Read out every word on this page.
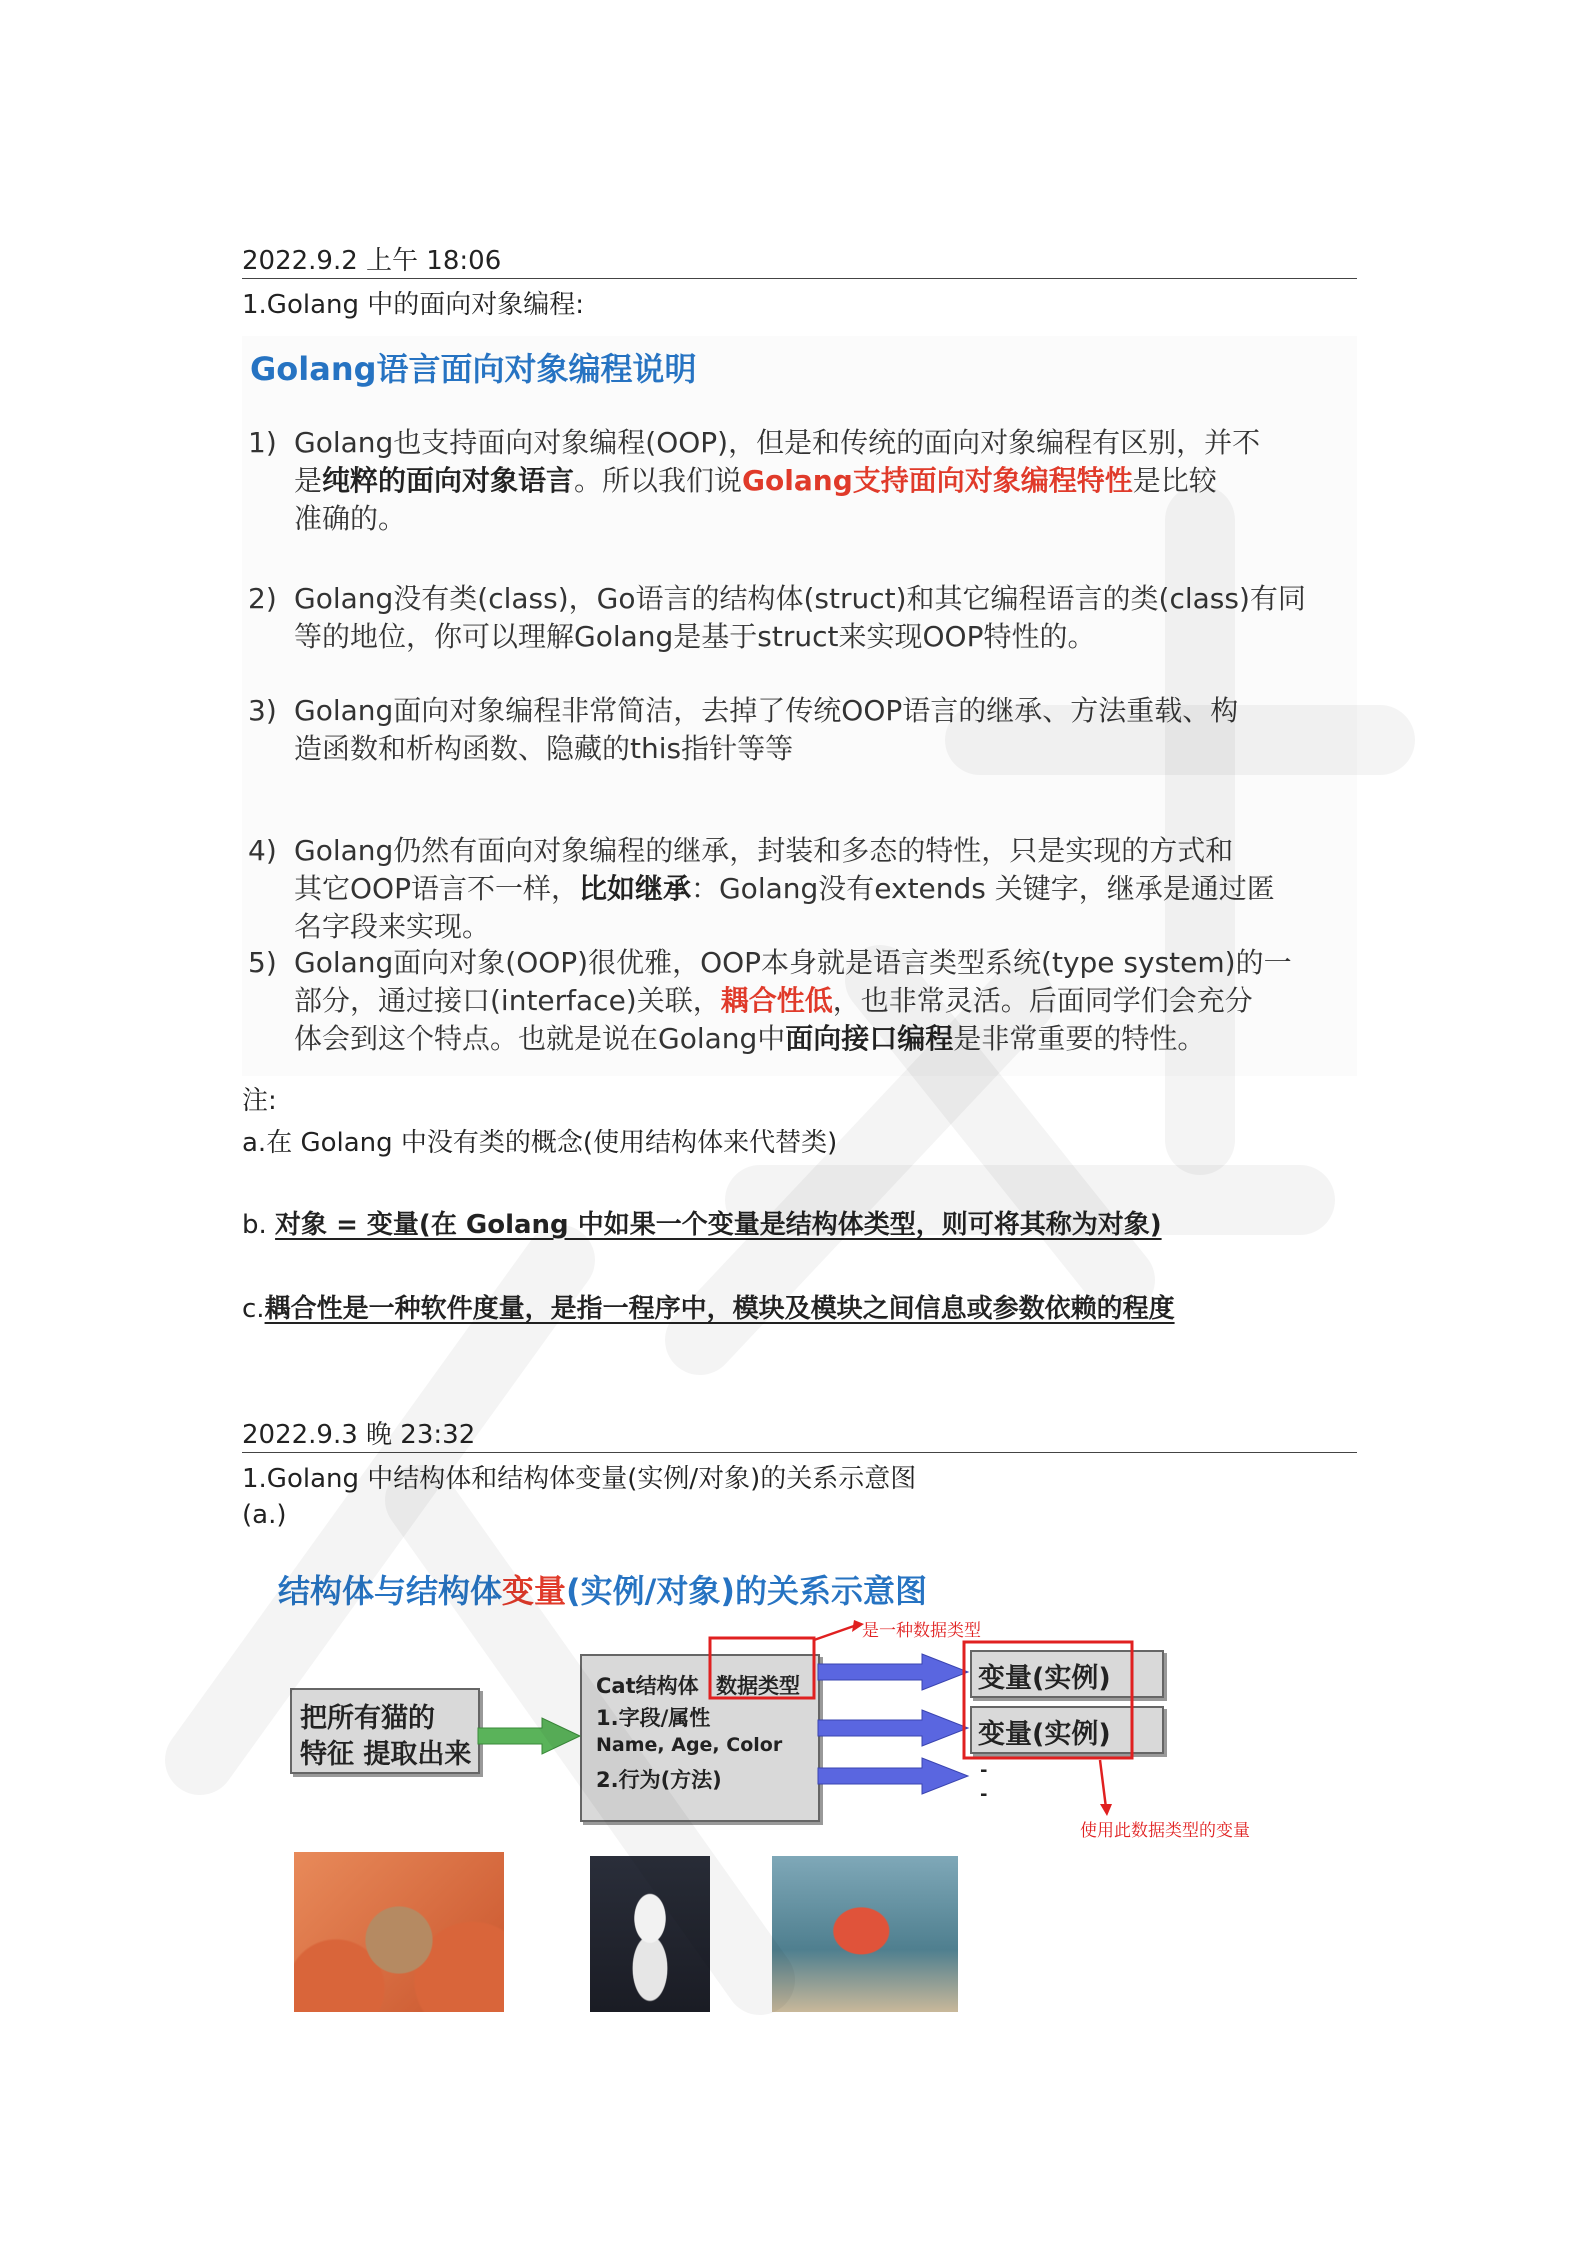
2022.9.2 上午 18:06
1.Golang 中的面向对象编程:
Golang语言面向对象编程说明
1) Golang也支持面向对象编程(OOP)，但是和传统的面向对象编程有区别，并不
是纯粹的面向对象语言。所以我们说Golang支持面向对象编程特性是比较
准确的。
2) Golang没有类(class)，Go语言的结构体(struct)和其它编程语言的类(class)有同
等的地位，你可以理解Golang是基于struct来实现OOP特性的。
3) Golang面向对象编程非常简洁，去掉了传统OOP语言的继承、方法重载、构
造函数和析构函数、隐藏的this指针等等
4) Golang仍然有面向对象编程的继承，封装和多态的特性，只是实现的方式和
其它OOP语言不一样，比如继承：Golang没有extends 关键字，继承是通过匿
名字段来实现。
5) Golang面向对象(OOP)很优雅，OOP本身就是语言类型系统(type system)的一
部分，通过接口(interface)关联，耦合性低，也非常灵活。后面同学们会充分
体会到这个特点。也就是说在Golang中面向接口编程是非常重要的特性。
注:
a.在 Golang 中没有类的概念(使用结构体来代替类)
b. 对象 = 变量(在 Golang 中如果一个变量是结构体类型，则可将其称为对象)
c.耦合性是一种软件度量，是指一程序中，模块及模块之间信息或参数依赖的程度
2022.9.3 晚 23:32
1.Golang 中结构体和结构体变量(实例/对象)的关系示意图
(a.)
结构体与结构体变量(实例/对象)的关系示意图
把所有猫的
特征 提取出来
Cat结构体 数据类型
1.字段/属性
Name, Age, Color
2.行为(方法)
变量(实例)
变量(实例)
-
-
是一种数据类型
使用此数据类型的变量
